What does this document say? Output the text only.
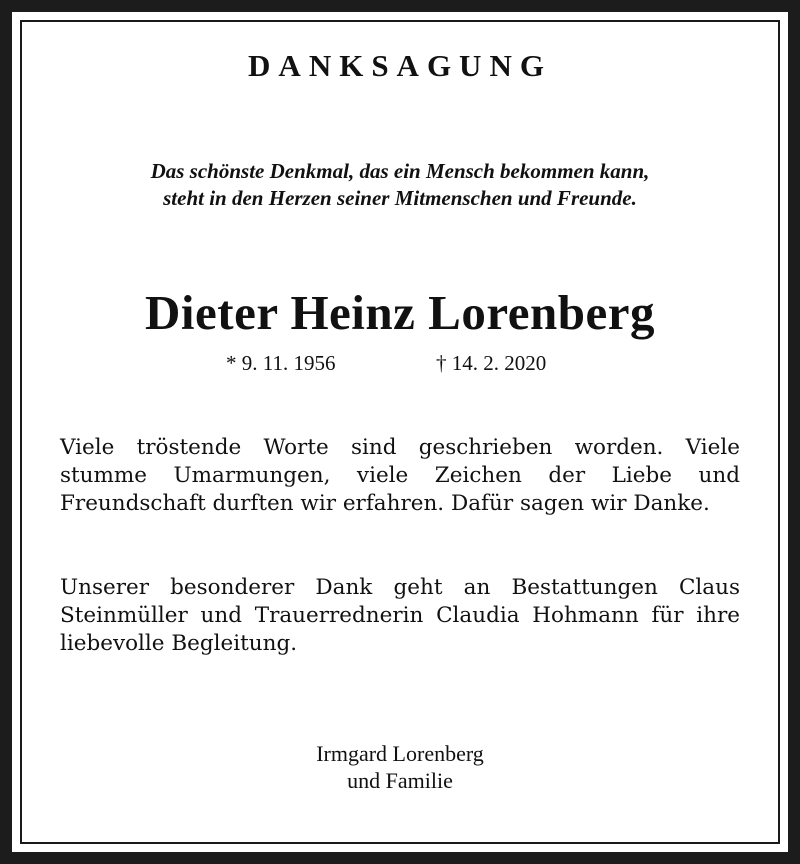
DANKSAGUNG

Das schönste Denkmal, das ein Mensch bekommen kann,
steht in den Herzen seiner Mitmenschen und Freunde.

Dieter Heinz Lorenberg
* 9. 11. 1956	† 14. 2. 2020

Viele tröstende Worte sind geschrieben worden. Viele stumme Umarmungen, viele Zeichen der Liebe und Freundschaft durften wir erfahren. Dafür sagen wir Danke.

Unserer besonderer Dank geht an Bestattungen Claus Steinmüller und Trauerrednerin Claudia Hohmann für ihre liebevolle Begleitung.

Irmgard Lorenberg
und Familie
